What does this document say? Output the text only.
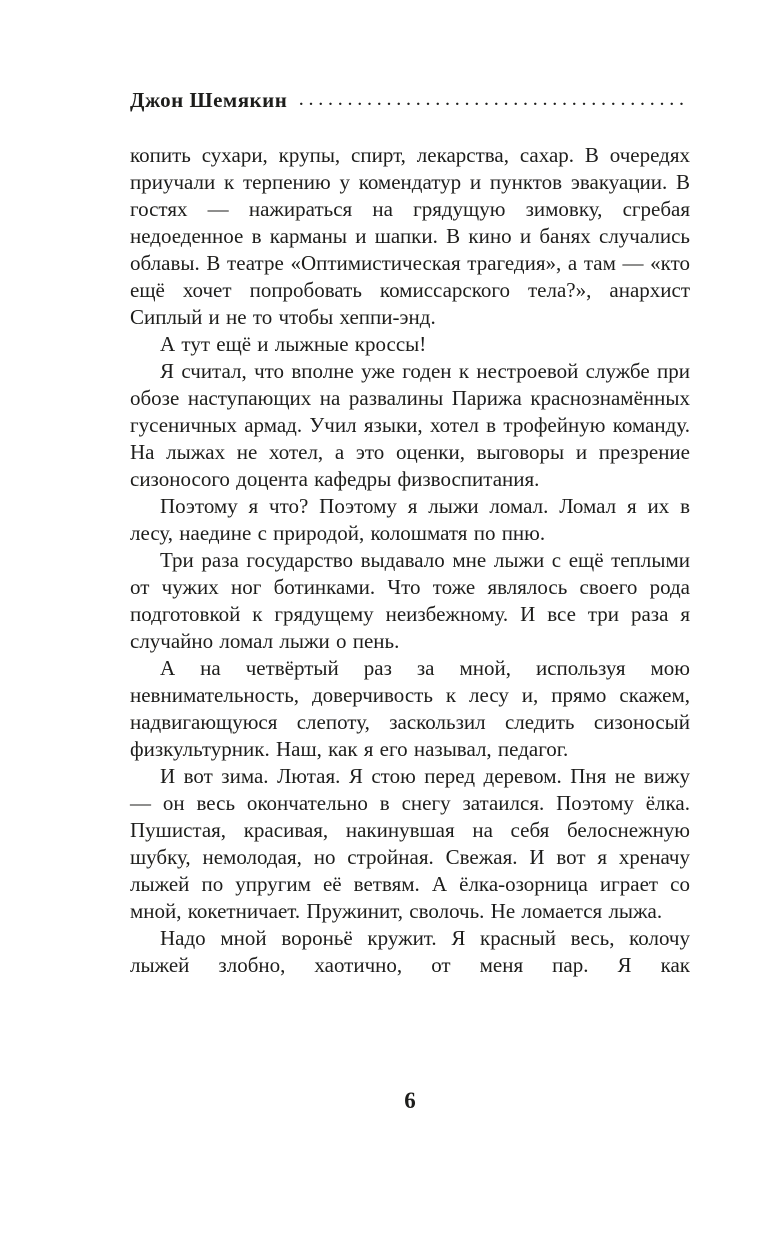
Джон Шемякин ........................................

копить сухари, крупы, спирт, лекарства, сахар. В очередях приучали к терпению у комендатур и пунктов эвакуации. В гостях — нажираться на грядущую зимовку, сгребая недоеденное в карманы и шапки. В кино и банях случались облавы. В театре «Оптимистическая трагедия», а там — «кто ещё хочет попробовать комиссарского тела?», анархист Сиплый и не то чтобы хеппи-энд.

А тут ещё и лыжные кроссы!

Я считал, что вполне уже годен к нестроевой службе при обозе наступающих на развалины Парижа краснознамённых гусеничных армад. Учил языки, хотел в трофейную команду. На лыжах не хотел, а это оценки, выговоры и презрение сизоносого доцента кафедры физвоспитания.

Поэтому я что? Поэтому я лыжи ломал. Ломал я их в лесу, наедине с природой, колошматя по пню.

Три раза государство выдавало мне лыжи с ещё теплыми от чужих ног ботинками. Что тоже являлось своего рода подготовкой к грядущему неизбежному. И все три раза я случайно ломал лыжи о пень.

А на четвёртый раз за мной, используя мою невнимательность, доверчивость к лесу и, прямо скажем, надвигающуюся слепоту, заскользил следить сизоносый физкультурник. Наш, как я его называл, педагог.

И вот зима. Лютая. Я стою перед деревом. Пня не вижу — он весь окончательно в снегу затаился. Поэтому ёлка. Пушистая, красивая, накинувшая на себя белоснежную шубку, немолодая, но стройная. Свежая. И вот я хреначу лыжей по упругим её ветвям. А ёлка-озорница играет со мной, кокетничает. Пружинит, сволочь. Не ломается лыжа.

Надо мной вороньё кружит. Я красный весь, колочу лыжей злобно, хаотично, от меня пар. Я как

6
